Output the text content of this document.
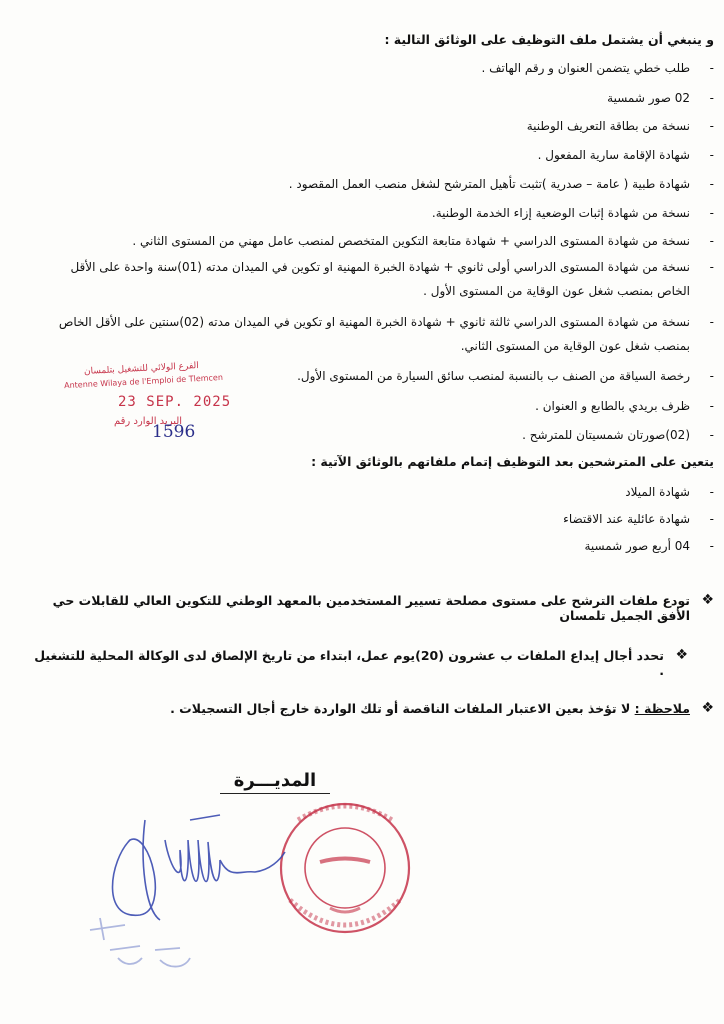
و ينبغي أن يشتمل ملف التوظيف على الوثائق التالية :
-
طلب خطي يتضمن العنوان و رقم الهاتف .
-
02 صور شمسية
-
نسخة من بطاقة التعريف الوطنية
-
شهادة الإقامة سارية المفعول .
-
شهادة طبية ( عامة – صدرية )تثبت تأهيل المترشح لشغل منصب العمل المقصود .
-
نسخة من شهادة إثبات الوضعية إزاء الخدمة الوطنية.
-
نسخة من شهادة المستوى الدراسي + شهادة متابعة التكوين المتخصص لمنصب عامل مهني من المستوى الثاني .
-
نسخة من شهادة المستوى الدراسي أولى ثانوي + شهادة الخبرة المهنية او تكوين في الميدان مدته (01)سنة واحدة على الأقل الخاص بمنصب شغل عون الوقاية من المستوى الأول .
-
نسخة من شهادة المستوى الدراسي ثالثة ثانوي + شهادة الخبرة المهنية او تكوين في الميدان مدته (02)سنتين على الأقل الخاص بمنصب شغل عون الوقاية من المستوى الثاني.
-
رخصة السياقة من الصنف ب بالنسبة لمنصب سائق السيارة من المستوى الأول.
-
ظرف بريدي بالطابع و العنوان .
-
(02)صورتان شمسيتان للمترشح .
يتعين على المترشحين بعد التوظيف إتمام ملفاتهم بالوثائق الآتية :
-
شهادة الميلاد
-
شهادة عائلية عند الاقتضاء
-
04 أربع صور شمسية
❖
تودع ملفات الترشح على مستوى مصلحة تسيير المستخدمين بالمعهد الوطني للتكوين العالي للقابلات حي الأفق الجميل تلمسان
❖
تحدد أجال إيداع الملفات ب عشرون (20)يوم عمل، ابتداء من تاريخ الإلصاق لدى الوكالة المحلية للتشغيل .
❖
ملاحظة : لا تؤخذ بعين الاعتبار الملفات الناقصة أو تلك الواردة خارج أجال التسجيلات .
المديـــرة
الفرع الولائي للتشغيل بتلمسان
Antenne Wilaya de l'Emploi de Tlemcen
23 SEP. 2025
البريد الوارد رقم
1596
